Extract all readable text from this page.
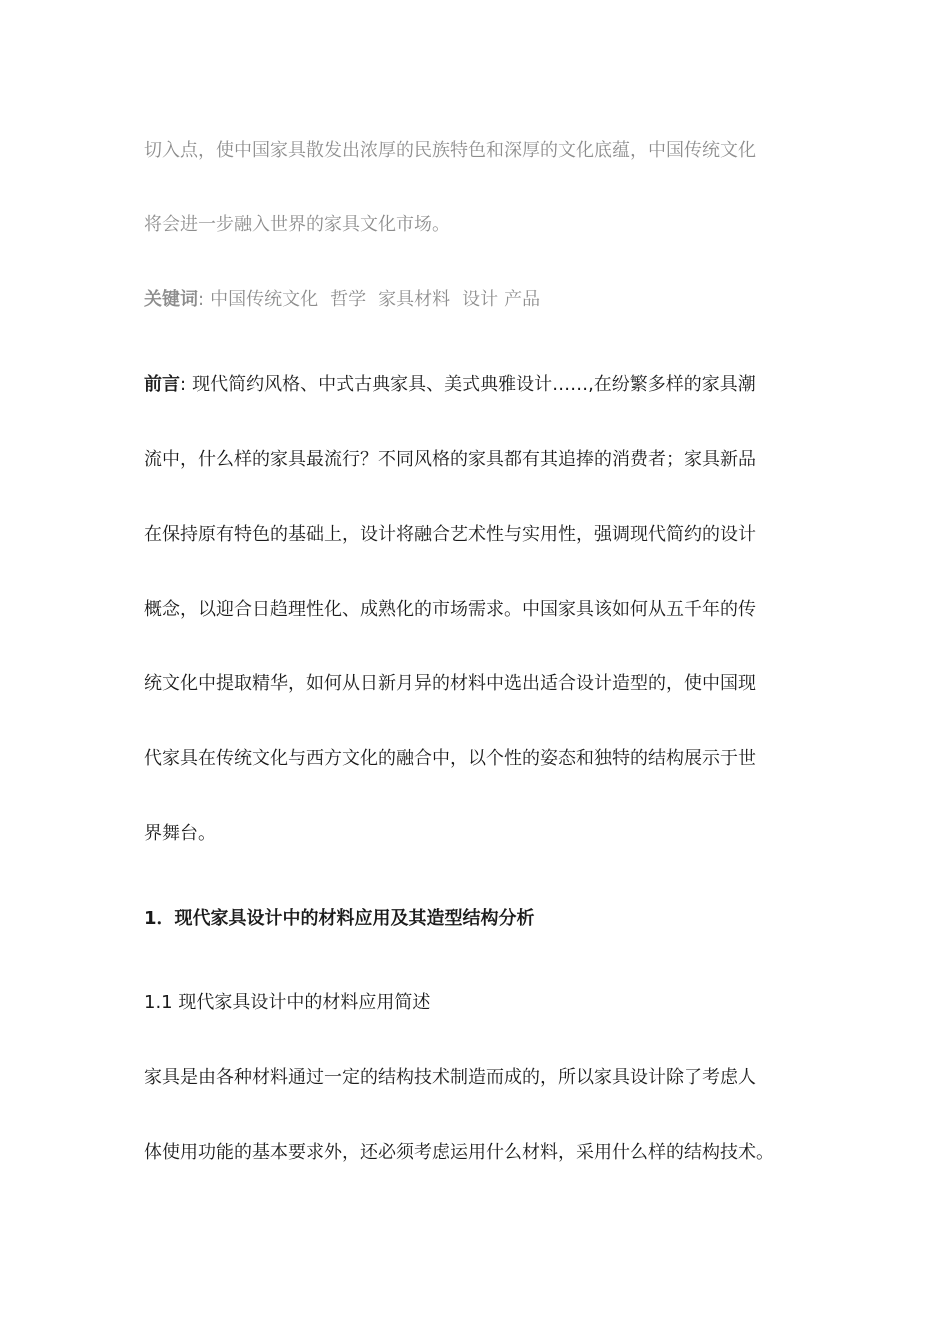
切入点，使中国家具散发出浓厚的民族特色和深厚的文化底蕴，中国传统文化
将会进一步融入世界的家具文化市场。
关键词: 中国传统文化 哲学 家具材料 设计 产品
前言: 现代简约风格、中式古典家具、美式典雅设计……,在纷繁多样的家具潮
流中，什么样的家具最流行？不同风格的家具都有其追捧的消费者；家具新品
在保持原有特色的基础上，设计将融合艺术性与实用性，强调现代简约的设计
概念，以迎合日趋理性化、成熟化的市场需求。中国家具该如何从五千年的传
统文化中提取精华，如何从日新月异的材料中选出适合设计造型的，使中国现
代家具在传统文化与西方文化的融合中，以个性的姿态和独特的结构展示于世
界舞台。
1．现代家具设计中的材料应用及其造型结构分析
1.1 现代家具设计中的材料应用简述
家具是由各种材料通过一定的结构技术制造而成的，所以家具设计除了考虑人
体使用功能的基本要求外，还必须考虑运用什么材料，采用什么样的结构技术。
